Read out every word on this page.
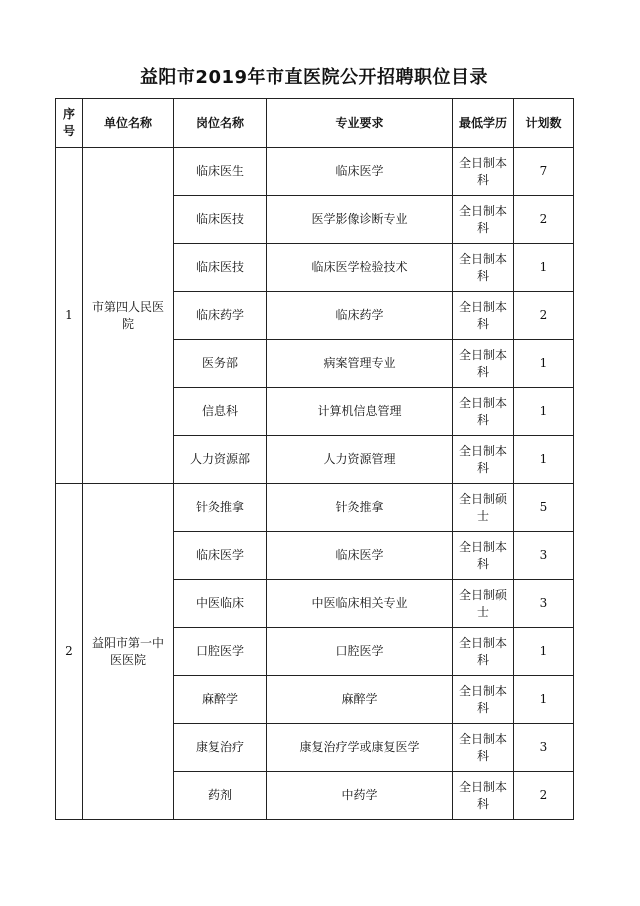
益阳市2019年市直医院公开招聘职位目录
序号	单位名称	岗位名称	专业要求	最低学历	计划数
1	市第四人民医院	临床医生	临床医学	全日制本科	7
		临床医技	医学影像诊断专业	全日制本科	2
		临床医技	临床医学检验技术	全日制本科	1
		临床药学	临床药学	全日制本科	2
		医务部	病案管理专业	全日制本科	1
		信息科	计算机信息管理	全日制本科	1
		人力资源部	人力资源管理	全日制本科	1
2	益阳市第一中医医院	针灸推拿	针灸推拿	全日制硕士	5
		临床医学	临床医学	全日制本科	3
		中医临床	中医临床相关专业	全日制硕士	3
		口腔医学	口腔医学	全日制本科	1
		麻醉学	麻醉学	全日制本科	1
		康复治疗	康复治疗学或康复医学	全日制本科	3
		药剂	中药学	全日制本科	2
